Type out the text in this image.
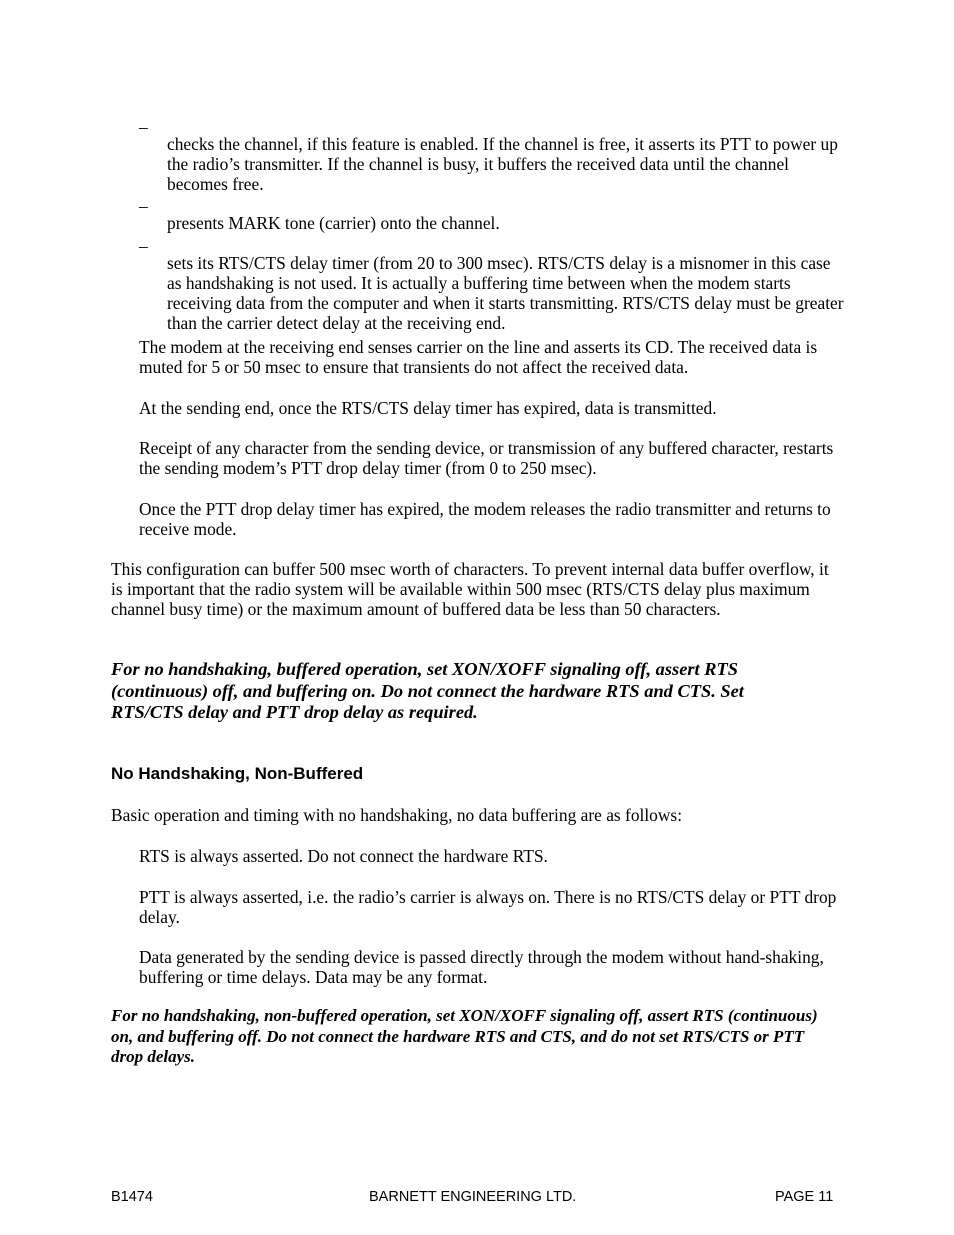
–

checks the channel, if this feature is enabled. If the channel is free, it asserts its PTT to power up the radio’s transmitter. If the channel is busy, it buffers the received data until the channel becomes free.

–

presents MARK tone (carrier) onto the channel.

–

sets its RTS/CTS delay timer (from 20 to 300 msec). RTS/CTS delay is a misnomer in this case as handshaking is not used. It is actually a buffering time between when the modem starts receiving data from the computer and when it starts transmitting. RTS/CTS delay must be greater than the carrier detect delay at the receiving end.

The modem at the receiving end senses carrier on the line and asserts its CD. The received data is muted for 5 or 50 msec to ensure that transients do not affect the received data.

At the sending end, once the RTS/CTS delay timer has expired, data is transmitted.

Receipt of any character from the sending device, or transmission of any buffered character, restarts the sending modem’s PTT drop delay timer (from 0 to 250 msec).

Once the PTT drop delay timer has expired, the modem releases the radio transmitter and returns to receive mode.

This configuration can buffer 500 msec worth of characters. To prevent internal data buffer overflow, it is important that the radio system will be available within 500 msec (RTS/CTS delay plus maximum channel busy time) or the maximum amount of buffered data be less than 50 characters.

For no handshaking, buffered operation, set XON/XOFF signaling off, assert RTS (continuous) off, and buffering on. Do not connect the hardware RTS and CTS. Set RTS/CTS delay and PTT drop delay as required.

No Handshaking, Non-Buffered

Basic operation and timing with no handshaking, no data buffering are as follows:

RTS is always asserted. Do not connect the hardware RTS.

PTT is always asserted, i.e. the radio’s carrier is always on. There is no RTS/CTS delay or PTT drop delay.

Data generated by the sending device is passed directly through the modem without hand-shaking, buffering or time delays. Data may be any format.

For no handshaking, non-buffered operation, set XON/XOFF signaling off, assert RTS (continuous) on, and buffering off. Do not connect the hardware RTS and CTS, and do not set RTS/CTS or PTT drop delays.

B1474	BARNETT ENGINEERING LTD.	PAGE 11
